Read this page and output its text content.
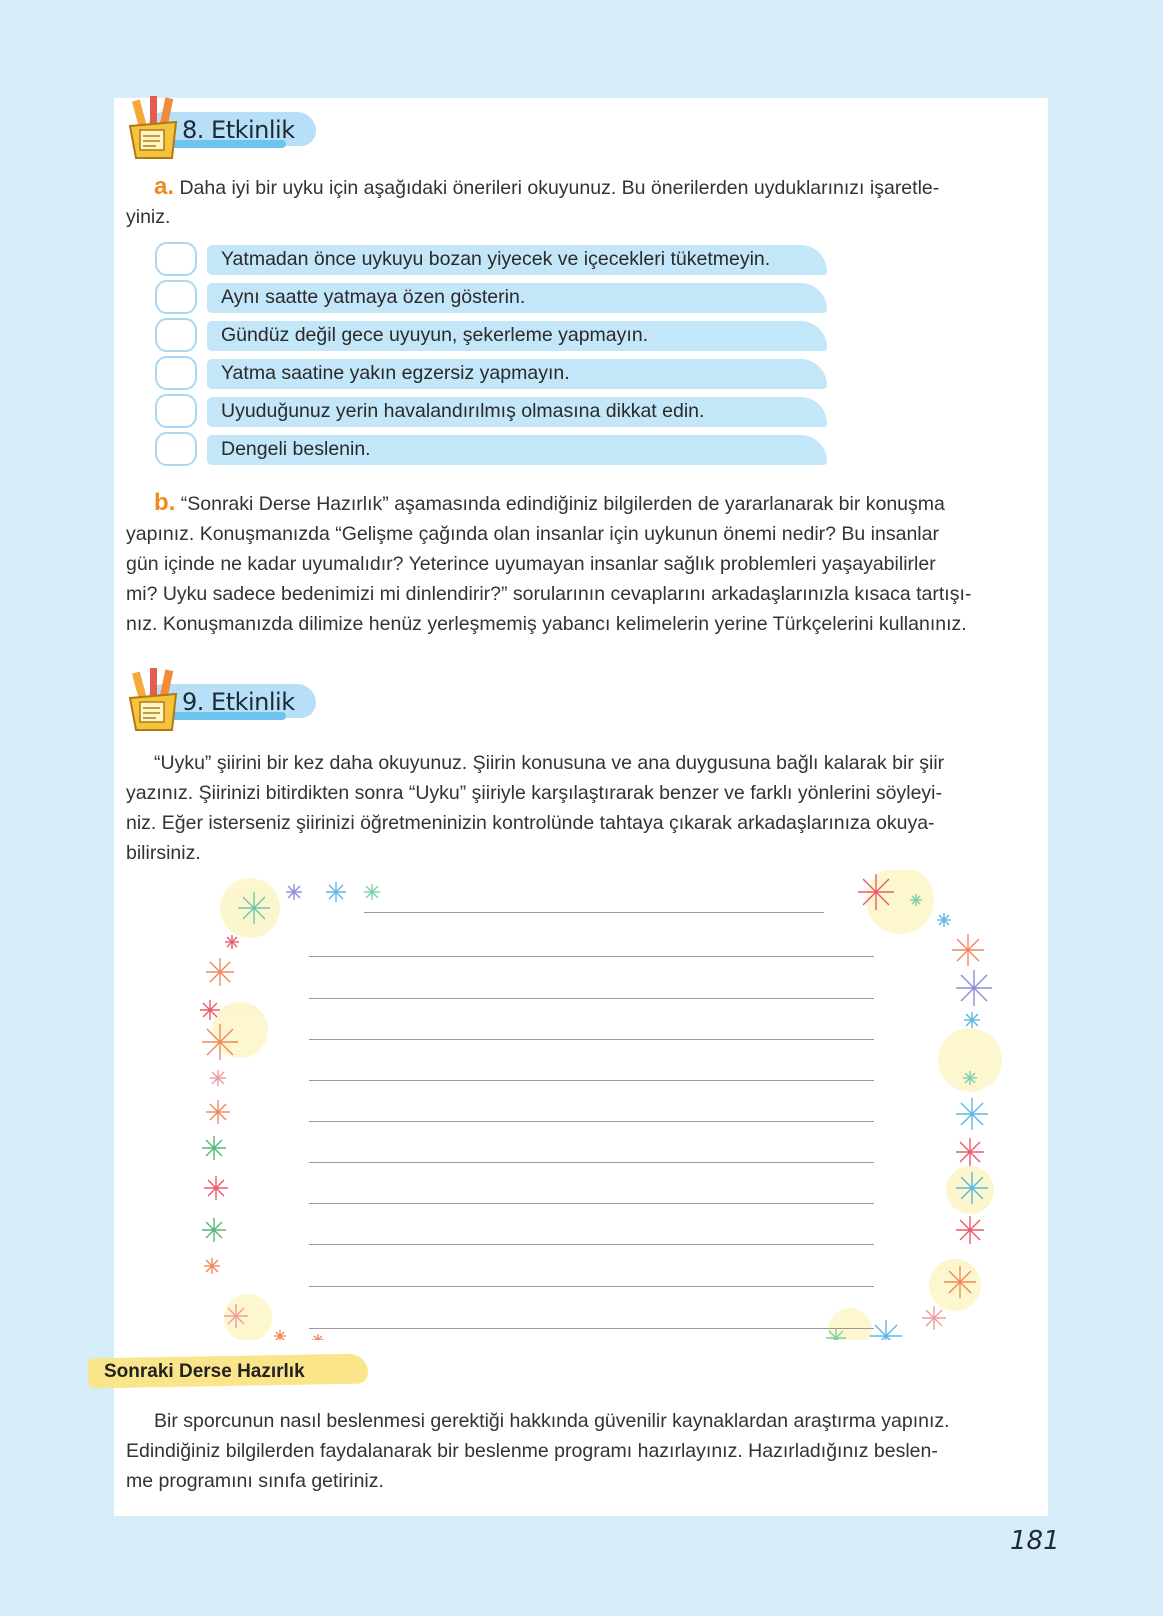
8. Etkinlik
a. Daha iyi bir uyku için aşağıdaki önerileri okuyunuz. Bu önerilerden uyduklarınızı işaretle-
yiniz.
Yatmadan önce uykuyu bozan yiyecek ve içecekleri tüketmeyin.
Aynı saatte yatmaya özen gösterin.
Gündüz değil gece uyuyun, şekerleme yapmayın.
Yatma saatine yakın egzersiz yapmayın.
Uyuduğunuz yerin havalandırılmış olmasına dikkat edin.
Dengeli beslenin.
b. “Sonraki Derse Hazırlık” aşamasında edindiğiniz bilgilerden de yararlanarak bir konuşma
yapınız. Konuşmanızda “Gelişme çağında olan insanlar için uykunun önemi nedir? Bu insanlar
gün içinde ne kadar uyumalıdır? Yeterince uyumayan insanlar sağlık problemleri yaşayabilirler
mi? Uyku sadece bedenimizi mi dinlendirir?” sorularının cevaplarını arkadaşlarınızla kısaca tartışı-
nız. Konuşmanızda dilimize henüz yerleşmemiş yabancı kelimelerin yerine Türkçelerini kullanınız.
9. Etkinlik
“Uyku” şiirini bir kez daha okuyunuz. Şiirin konusuna ve ana duygusuna bağlı kalarak bir şiir
yazınız. Şiirinizi bitirdikten sonra “Uyku” şiiriyle karşılaştırarak benzer ve farklı yönlerini söyleyi-
niz. Eğer isterseniz şiirinizi öğretmeninizin kontrolünde tahtaya çıkarak arkadaşlarınıza okuya-
bilirsiniz.
Sonraki Derse Hazırlık
Bir sporcunun nasıl beslenmesi gerektiği hakkında güvenilir kaynaklardan araştırma yapınız.
Edindiğiniz bilgilerden faydalanarak bir beslenme programı hazırlayınız. Hazırladığınız beslen-
me programını sınıfa getiriniz.
181
